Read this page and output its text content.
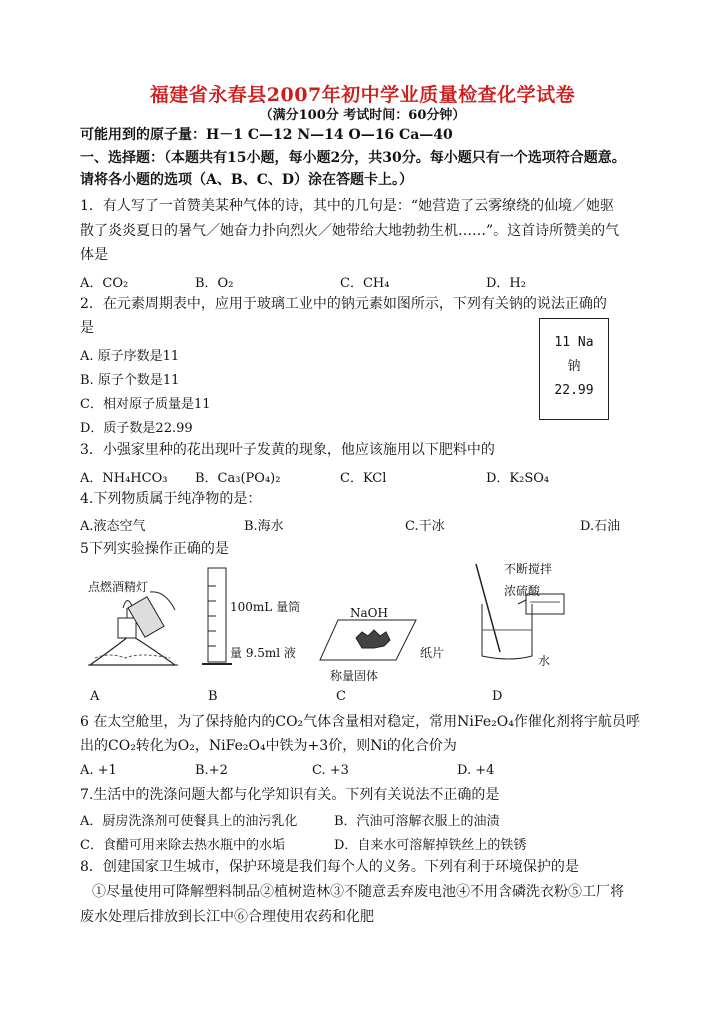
福建省永春县2007年初中学业质量检查化学试卷
（满分100分 考试时间：60分钟）
可能用到的原子量：H－1 C—12 N—14 O—16 Ca—40
一、选择题：（本题共有15小题，每小题2分，共30分。每小题只有一个选项符合题意。
请将各小题的选项（A、B、C、D）涂在答题卡上。）
1．有人写了一首赞美某种气体的诗，其中的几句是：“她营造了云雾缭绕的仙境／她驱
散了炎炎夏日的暑气／她奋力扑向烈火／她带给大地勃勃生机……”。这首诗所赞美的气
体是
A．CO₂	B．O₂	C．CH₄	D．H₂
2．在元素周期表中，应用于玻璃工业中的钠元素如图所示，下列有关钠的说法正确的
是
A. 原子序数是11
B. 原子个数是11
C．相对原子质量是11
D．质子数是22.99
11 Na
钠
22.99
3．小强家里种的花出现叶子发黄的现象，他应该施用以下肥料中的
A．NH₄HCO₃ B．Ca₃(PO₄)₂	C．KCl	D．K₂SO₄
4.下列物质属于纯净物的是：
A.液态空气	B.海水	C.干冰	D.石油
5下列实验操作正确的是
点燃酒精灯
100mL 量筒
量 9.5ml 液
NaOH
纸片
称量固体
不断搅拌
浓硫酸
水
A	B	C	D
6 在太空舱里，为了保持舱内的CO₂气体含量相对稳定，常用NiFe₂O₄作催化剂将宇航员呼
出的CO₂转化为O₂，NiFe₂O₄中铁为+3价，则Ni的化合价为
A. +1	B.+2	C. +3	D. +4
7.生活中的洗涤问题大都与化学知识有关。下列有关说法不正确的是
A．厨房洗涤剂可使餐具上的油污乳化	B．汽油可溶解衣服上的油渍
C．食醋可用来除去热水瓶中的水垢	D．自来水可溶解掉铁丝上的铁锈
8．创建国家卫生城市，保护环境是我们每个人的义务。下列有利于环境保护的是
①尽量使用可降解塑料制品②植树造林③不随意丢弃废电池④不用含磷洗衣粉⑤工厂将
废水处理后排放到长江中⑥合理使用农药和化肥
